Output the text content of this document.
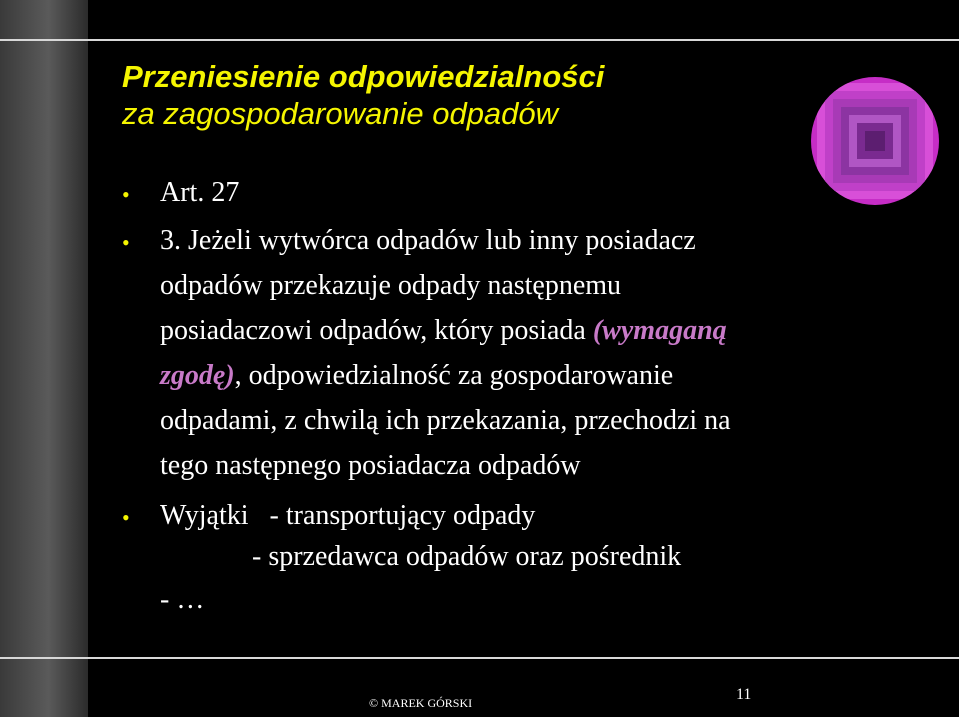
Przeniesienie odpowiedzialności
za zagospodarowanie odpadów
• Art. 27
• 3. Jeżeli wytwórca odpadów lub inny posiadacz
odpadów przekazuje odpady następnemu
posiadaczowi odpadów, który posiada (wymaganą
zgodę), odpowiedzialność za gospodarowanie
odpadami, z chwilą ich przekazania, przechodzi na
tego następnego posiadacza odpadów
• Wyjątki   - transportujący odpady
- sprzedawca odpadów oraz pośrednik
- …
© MAREK GÓRSKI	11
